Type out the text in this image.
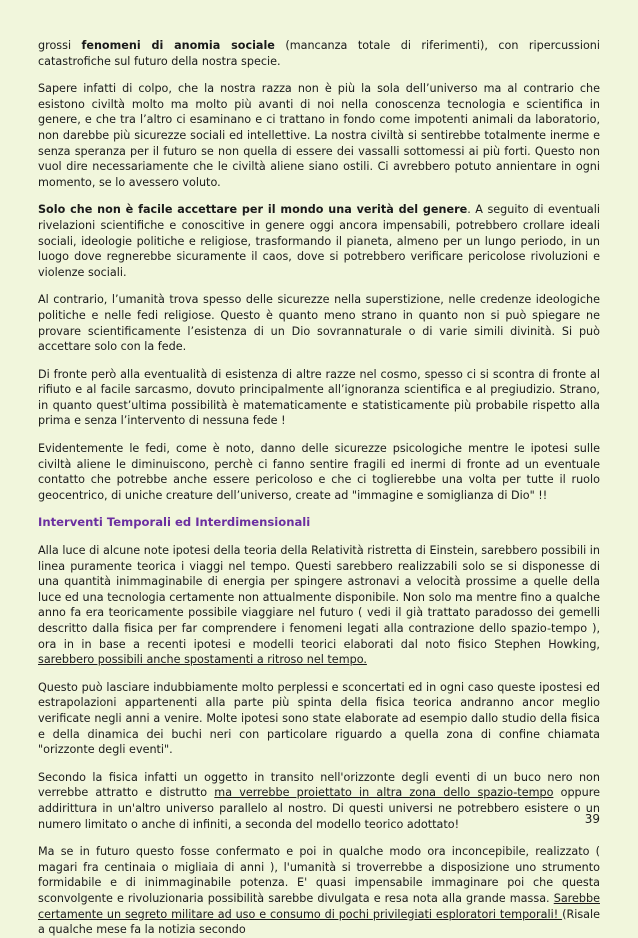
grossi fenomeni di anomia sociale (mancanza totale di riferimenti), con ripercussioni catastrofiche sul futuro della nostra specie.

Sapere infatti di colpo, che la nostra razza non è più la sola dell’universo ma al contrario che esistono civiltà molto ma molto più avanti di noi nella conoscenza tecnologia e scientifica in genere, e che tra l’altro ci esaminano e ci trattano in fondo come impotenti animali da laboratorio, non darebbe più sicurezze sociali ed intellettive. La nostra civiltà si sentirebbe totalmente inerme e senza speranza per il futuro se non quella di essere dei vassalli sottomessi ai più forti. Questo non vuol dire necessariamente che le civiltà aliene siano ostili. Ci avrebbero potuto annientare in ogni momento, se lo avessero voluto.

Solo che non è facile accettare per il mondo una verità del genere. A seguito di eventuali rivelazioni scientifiche e conoscitive in genere oggi ancora impensabili, potrebbero crollare ideali sociali, ideologie politiche e religiose, trasformando il pianeta, almeno per un lungo periodo, in un luogo dove regnerebbe sicuramente il caos, dove si potrebbero verificare pericolose rivoluzioni e violenze sociali.

Al contrario, l’umanità trova spesso delle sicurezze nella superstizione, nelle credenze ideologiche politiche e nelle fedi religiose. Questo è quanto meno strano in quanto non si può spiegare ne provare scientificamente l’esistenza di un Dio sovrannaturale o di varie simili divinità. Si può accettare solo con la fede.

Di fronte però alla eventualità di esistenza di altre razze nel cosmo, spesso ci si scontra di fronte al rifiuto e al facile sarcasmo, dovuto principalmente all’ignoranza scientifica e al pregiudizio. Strano, in quanto quest’ultima possibilità è matematicamente e statisticamente più probabile rispetto alla prima e senza l’intervento di nessuna fede !

Evidentemente le fedi, come è noto, danno delle sicurezze psicologiche mentre le ipotesi sulle civiltà aliene le diminuiscono, perchè ci fanno sentire fragili ed inermi di fronte ad un eventuale contatto che potrebbe anche essere pericoloso e che ci toglierebbe una volta per tutte il ruolo geocentrico, di uniche creature dell’universo, create ad "immagine e somiglianza di Dio" !!

Interventi Temporali ed Interdimensionali

Alla luce di alcune note ipotesi della teoria della Relatività ristretta di Einstein, sarebbero possibili in linea puramente teorica i viaggi nel tempo. Questi sarebbero realizzabili solo se si disponesse di una quantità inimmaginabile di energia per spingere astronavi a velocità prossime a quelle della luce ed una tecnologia certamente non attualmente disponibile. Non solo ma mentre fino a qualche anno fa era teoricamente possibile viaggiare nel futuro ( vedi il già trattato paradosso dei gemelli descritto dalla fisica per far comprendere i fenomeni legati alla contrazione dello spazio-tempo ), ora in in base a recenti ipotesi e modelli teorici elaborati dal noto fisico Stephen Howking, sarebbero possibili anche spostamenti a ritroso nel tempo.

Questo può lasciare indubbiamente molto perplessi e sconcertati ed in ogni caso queste ipostesi ed estrapolazioni appartenenti alla parte più spinta della fisica teorica andranno ancor meglio verificate negli anni a venire. Molte ipotesi sono state elaborate ad esempio dallo studio della fisica e della dinamica dei buchi neri con particolare riguardo a quella zona di confine chiamata "orizzonte degli eventi".

Secondo la fisica infatti un oggetto in transito nell'orizzonte degli eventi di un buco nero non verrebbe attratto e distrutto ma verrebbe proiettato in altra zona dello spazio-tempo oppure addirittura in un'altro universo parallelo al nostro. Di questi universi ne potrebbero esistere o un numero limitato o anche di infiniti, a seconda del modello teorico adottato!

Ma se in futuro questo fosse confermato e poi in qualche modo ora inconcepibile, realizzato ( magari fra centinaia o migliaia di anni ), l'umanità si troverrebbe a disposizione uno strumento formidabile e di inimmaginabile potenza. E' quasi impensabile immaginare poi che questa sconvolgente e rivoluzionaria possibilità sarebbe divulgata e resa nota alla grande massa. Sarebbe certamente un segreto militare ad uso e consumo di pochi privilegiati esploratori temporali! (Risale a qualche mese fa la notizia secondo

39
